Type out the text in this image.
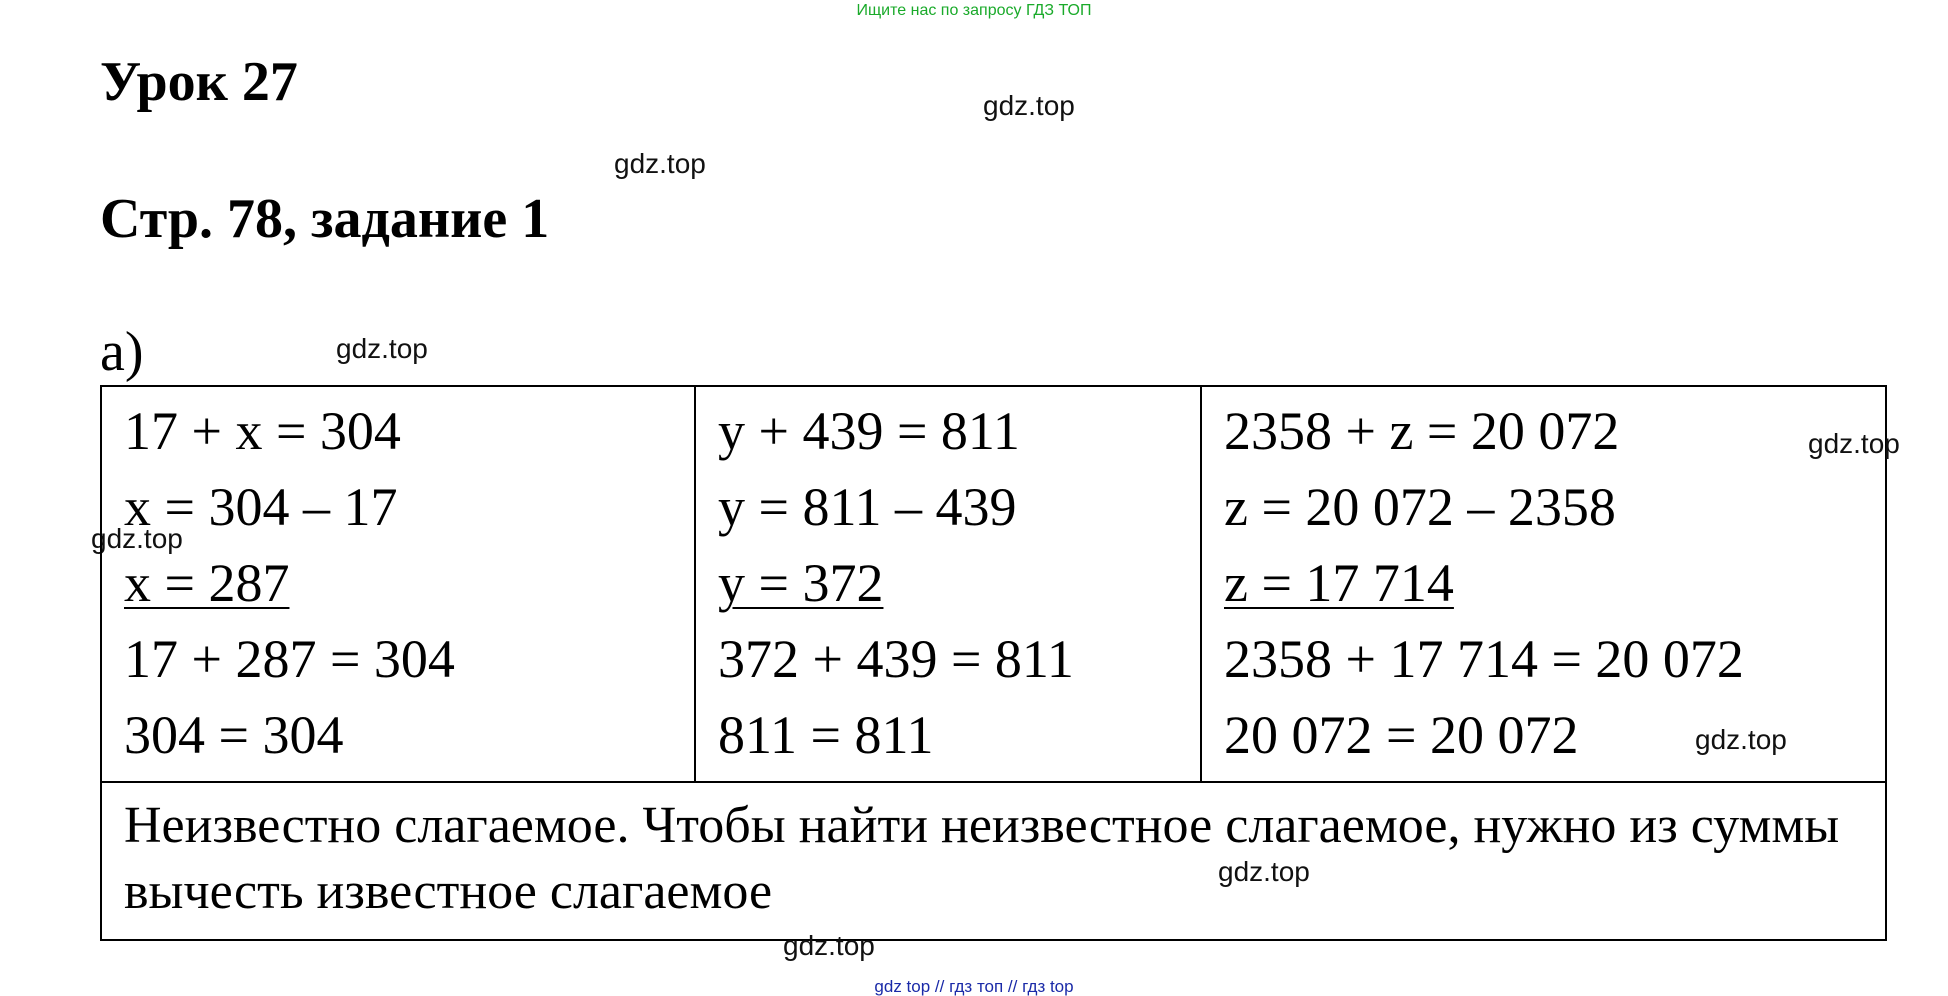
Ищите нас по запросу ГДЗ ТОП
Урок 27
Стр. 78, задание 1
а)
gdz.top
gdz.top
gdz.top
gdz.top
17 + x = 304
x = 304 – 17
x = 287
17 + 287 = 304
304 = 304

y + 439 = 811
y = 811 – 439
y = 372
372 + 439 = 811
811 = 811

2358 + z = 20 072
z = 20 072 – 2358
z = 17 714
2358 + 17 714 = 20 072
20 072 = 20 072

Неизвестно слагаемое. Чтобы найти неизвестное слагаемое, нужно из суммы вычесть известное слагаемое
gdz.top
gdz.top
gdz.top
gdz.top
gdz top // гдз топ // гдз top
